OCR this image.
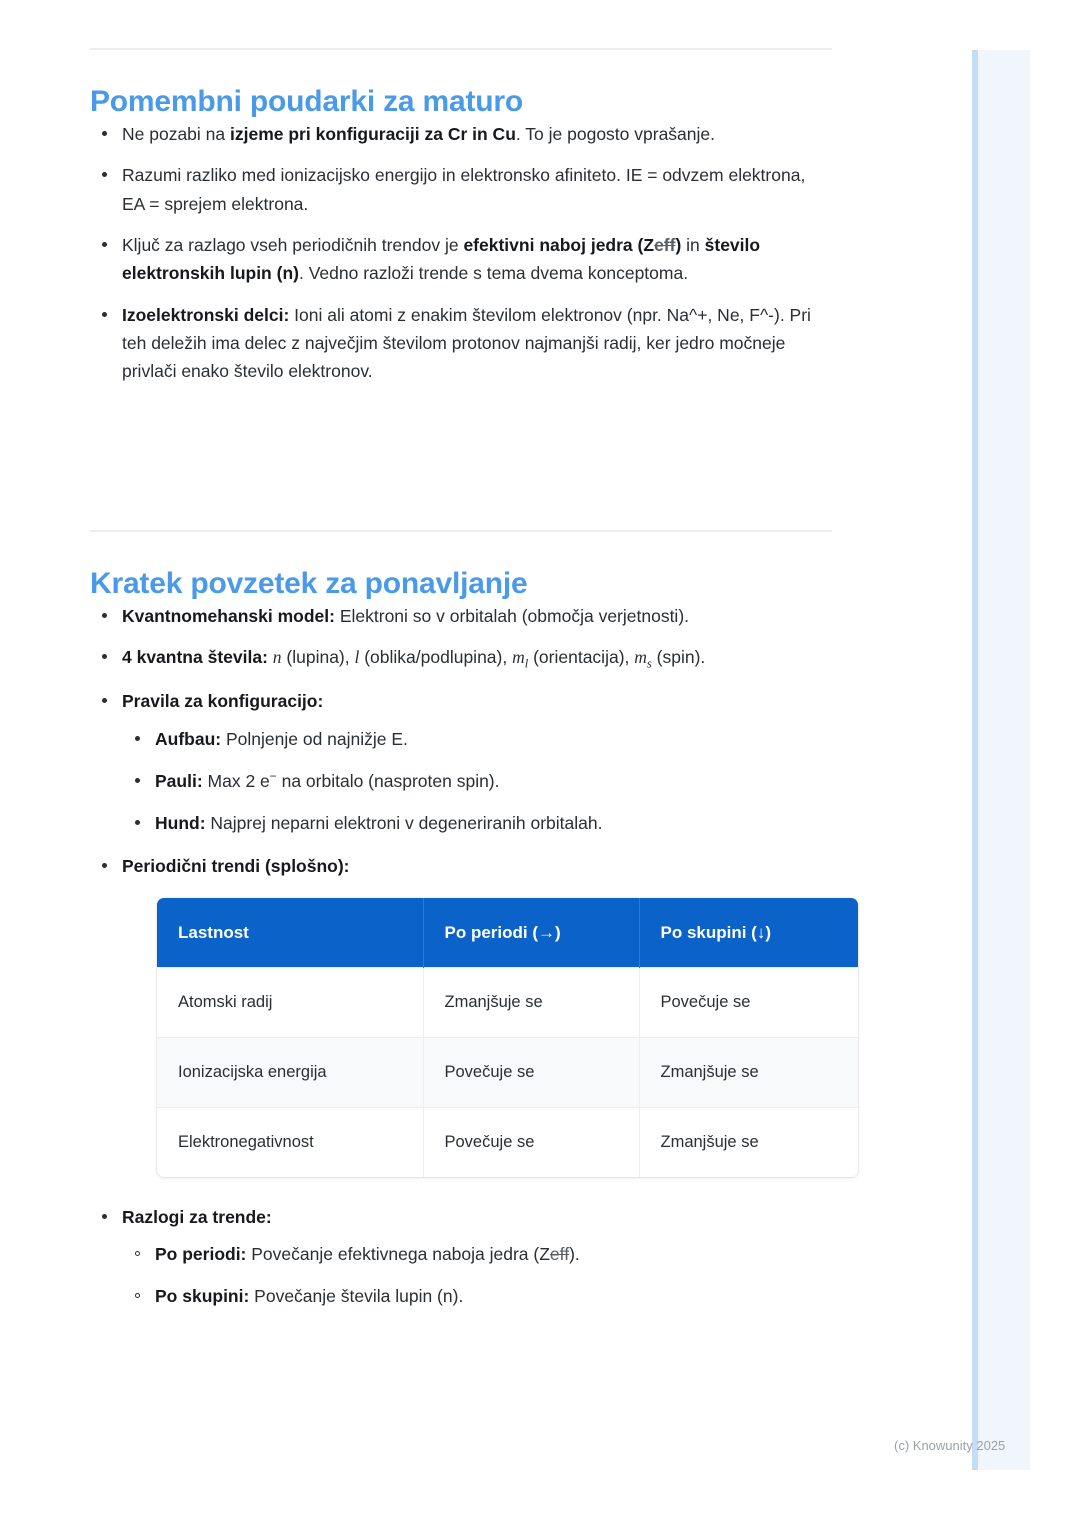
Pomembni poudarki za maturo
Ne pozabi na izjeme pri konfiguraciji za Cr in Cu. To je pogosto vprašanje.
Razumi razliko med ionizacijsko energijo in elektronsko afiniteto. IE = odvzem elektrona, EA = sprejem elektrona.
Ključ za razlago vseh periodičnih trendov je efektivni naboj jedra (Zeff) in število elektronskih lupin (n). Vedno razloži trende s tema dvema konceptoma.
Izoelektronski delci: Ioni ali atomi z enakim številom elektronov (npr. Na^+, Ne, F^-). Pri teh deležih ima delec z največjim številom protonov najmanjši radij, ker jedro močneje privlači enako število elektronov.
Kratek povzetek za ponavljanje
Kvantnomehanski model: Elektroni so v orbitalah (območja verjetnosti).
4 kvantna števila: n (lupina), l (oblika/podlupina), $m_l$ (orientacija), $m_s$ (spin).
Pravila za konfiguracijo:
Aufbau: Polnjenje od najnižje E.
Pauli: Max 2 e− na orbitalo (nasproten spin).
Hund: Najprej neparni elektroni v degeneriranih orbitalah.
Periodični trendi (splošno):
Lastnost	Po periodi (→)	Po skupini (↓)
Atomski radij	Zmanjšuje se	Povečuje se
Ionizacijska energija	Povečuje se	Zmanjšuje se
Elektronegativnost	Povečuje se	Zmanjšuje se
Razlogi za trende:
Po periodi: Povečanje efektivnega naboja jedra (Zeff).
Po skupini: Povečanje števila lupin (n).
(c) Knowunity 2025
